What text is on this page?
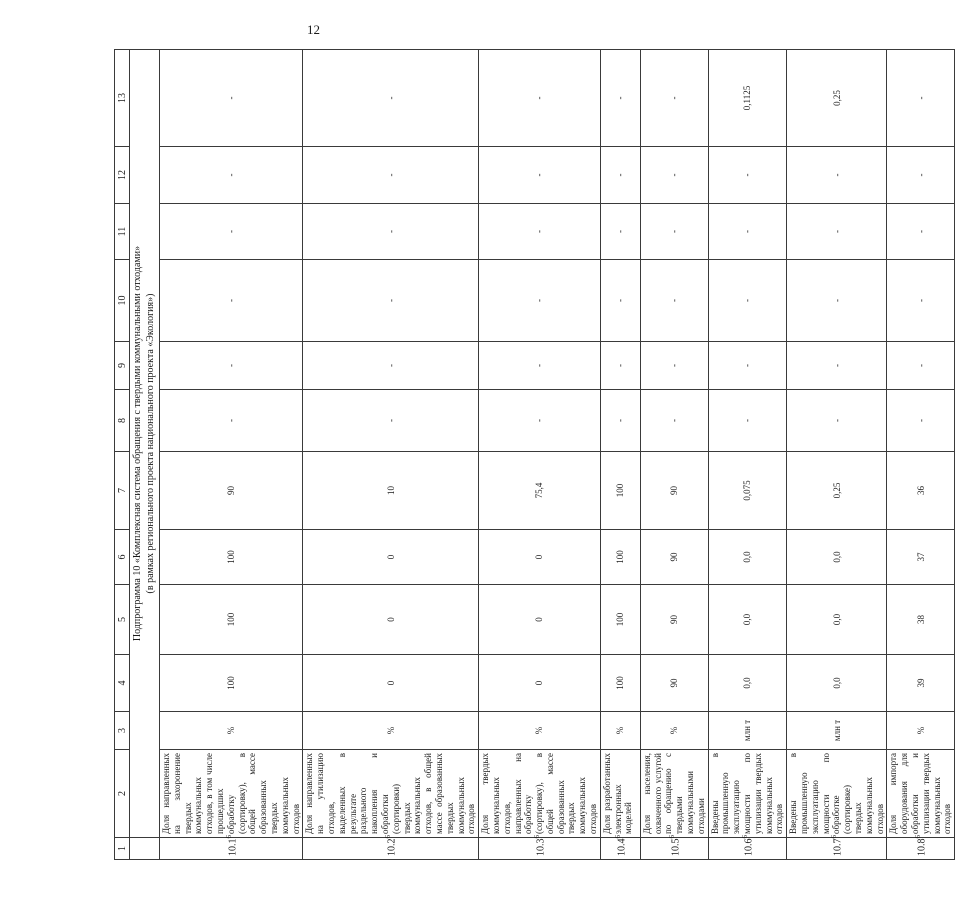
12
1	2	3	4	5	6	7	8	9	10	11	12	13
	Подпрограмма 10 «Комплексная система обращения с твердыми коммунальными отходами» (в рамках регионального проекта национального проекта «Экология»)											
10.1$^6$	Доля направленных на захоронение твердых коммунальных отходов, в том числе прошедших обработку (сортировку), в общей массе образованных твердых коммунальных отходов	%	100	100	100	90	-	-	-	-	-	-
10.2$^6$	Доля направленных на утилизацию отходов, выделенных в результате раздельного накопления и обработки (сортировки) твердых коммунальных отходов, в общей массе образованных твердых коммунальных отходов	%	0	0	0	10	-	-	-	-	-	-
10.3$^6$	Доля твердых коммунальных отходов, направленных на обработку (сортировку), в общей массе образованных твердых коммунальных отходов	%	0	0	0	75,4	-	-	-	-	-	-
10.4$^6$	Доля разработанных электронных моделей	%	100	100	100	100	-	-	-	-	-	-
10.5$^6$	Доля населения, охваченного услугой по обращению с твердыми коммунальными отходами	%	90	90	90	90	-	-	-	-	-	-
10.6$^6$	Введены в промышленную эксплуатацию мощности по утилизации твердых коммунальных отходов	млн т	0,0	0,0	0,0	0,075	-	-	-	-	-	0,1125
10.7$^6$	Введены в промышленную эксплуатацию мощности по обработке (сортировке) твердых коммунальных отходов	млн т	0,0	0,0	0,0	0,25	-	-	-	-	-	0,25
10.8$^6$	Доля импорта оборудования для обработки и утилизации твердых коммунальных отходов	%	39	38	37	36	-	-	-	-	-	-
